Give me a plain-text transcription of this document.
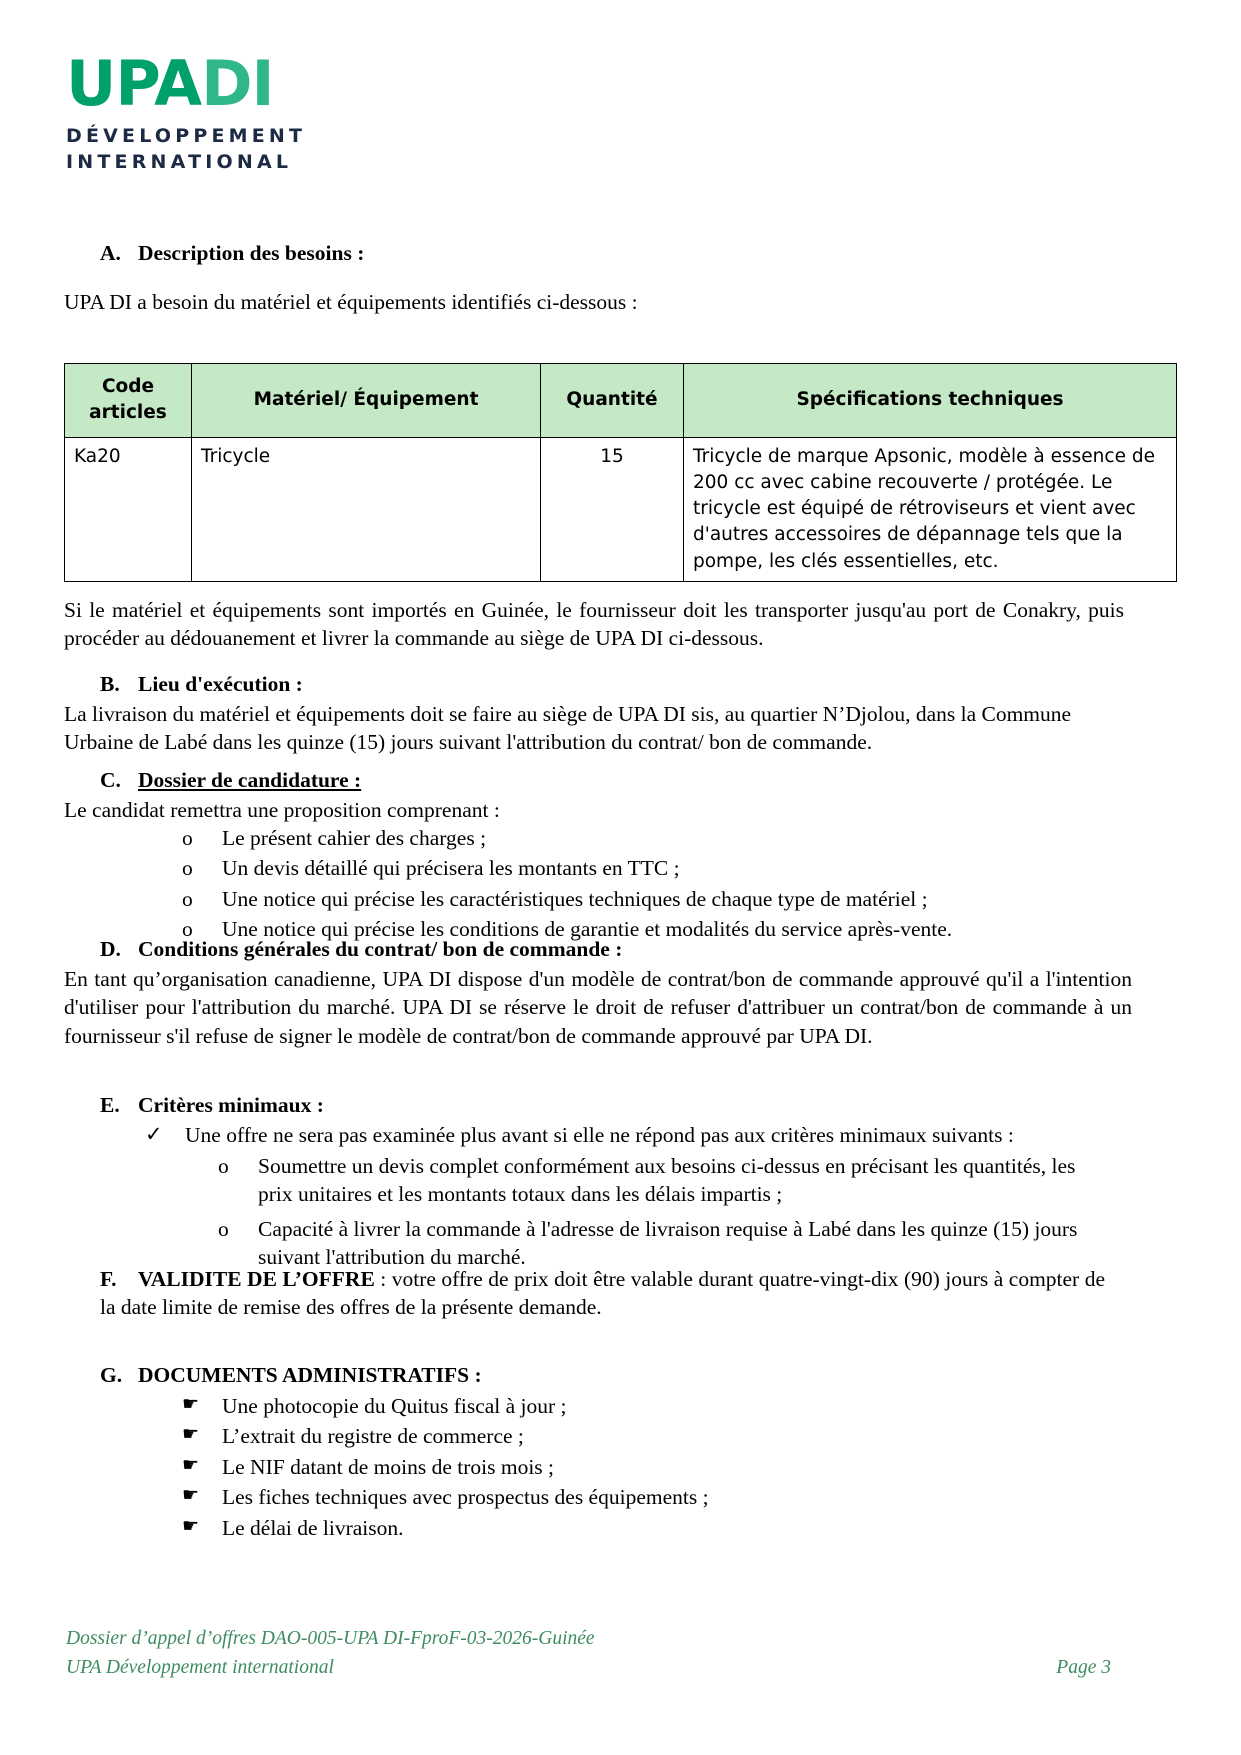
UPADI
DÉVELOPPEMENT
INTERNATIONAL
A. Description des besoins :
UPA DI a besoin du matériel et équipements identifiés ci-dessous :
Code
articles	Matériel/ Équipement	Quantité	Spécifications techniques
Ka20	Tricycle	15	Tricycle de marque Apsonic, modèle à essence de 200 cc avec cabine recouverte / protégée. Le tricycle est équipé de rétroviseurs et vient avec d'autres accessoires de dépannage tels que la pompe, les clés essentielles, etc.
Si le matériel et équipements sont importés en Guinée, le fournisseur doit les transporter jusqu'au port de Conakry, puis procéder au dédouanement et livrer la commande au siège de UPA DI ci-dessous.
B. Lieu d'exécution :
La livraison du matériel et équipements doit se faire au siège de UPA DI sis, au quartier N’Djolou, dans la Commune Urbaine de Labé dans les quinze (15) jours suivant l'attribution du contrat/ bon de commande.
C. Dossier de candidature :
Le candidat remettra une proposition comprenant :
o	Le présent cahier des charges ;
o	Un devis détaillé qui précisera les montants en TTC ;
o	Une notice qui précise les caractéristiques techniques de chaque type de matériel ;
o	Une notice qui précise les conditions de garantie et modalités du service après-vente.
D. Conditions générales du contrat/ bon de commande :
En tant qu’organisation canadienne, UPA DI dispose d'un modèle de contrat/bon de commande approuvé qu'il a l'intention d'utiliser pour l'attribution du marché. UPA DI se réserve le droit de refuser d'attribuer un contrat/bon de commande à un fournisseur s'il refuse de signer le modèle de contrat/bon de commande approuvé par UPA DI.
E. Critères minimaux :
✓	Une offre ne sera pas examinée plus avant si elle ne répond pas aux critères minimaux suivants :
o	Soumettre un devis complet conformément aux besoins ci-dessus en précisant les quantités, les prix unitaires et les montants totaux dans les délais impartis ;
o	Capacité à livrer la commande à l'adresse de livraison requise à Labé dans les quinze (15) jours suivant l'attribution du marché.
F. VALIDITE DE L’OFFRE : votre offre de prix doit être valable durant quatre-vingt-dix (90) jours à compter de la date limite de remise des offres de la présente demande.
G. DOCUMENTS ADMINISTRATIFS :
☛	Une photocopie du Quitus fiscal à jour ;
☛	L’extrait du registre de commerce ;
☛	Le NIF datant de moins de trois mois ;
☛	Les fiches techniques avec prospectus des équipements ;
☛	Le délai de livraison.
Dossier d’appel d’offres DAO-005-UPA DI-FproF-03-2026-Guinée
UPA Développement international	Page 3
